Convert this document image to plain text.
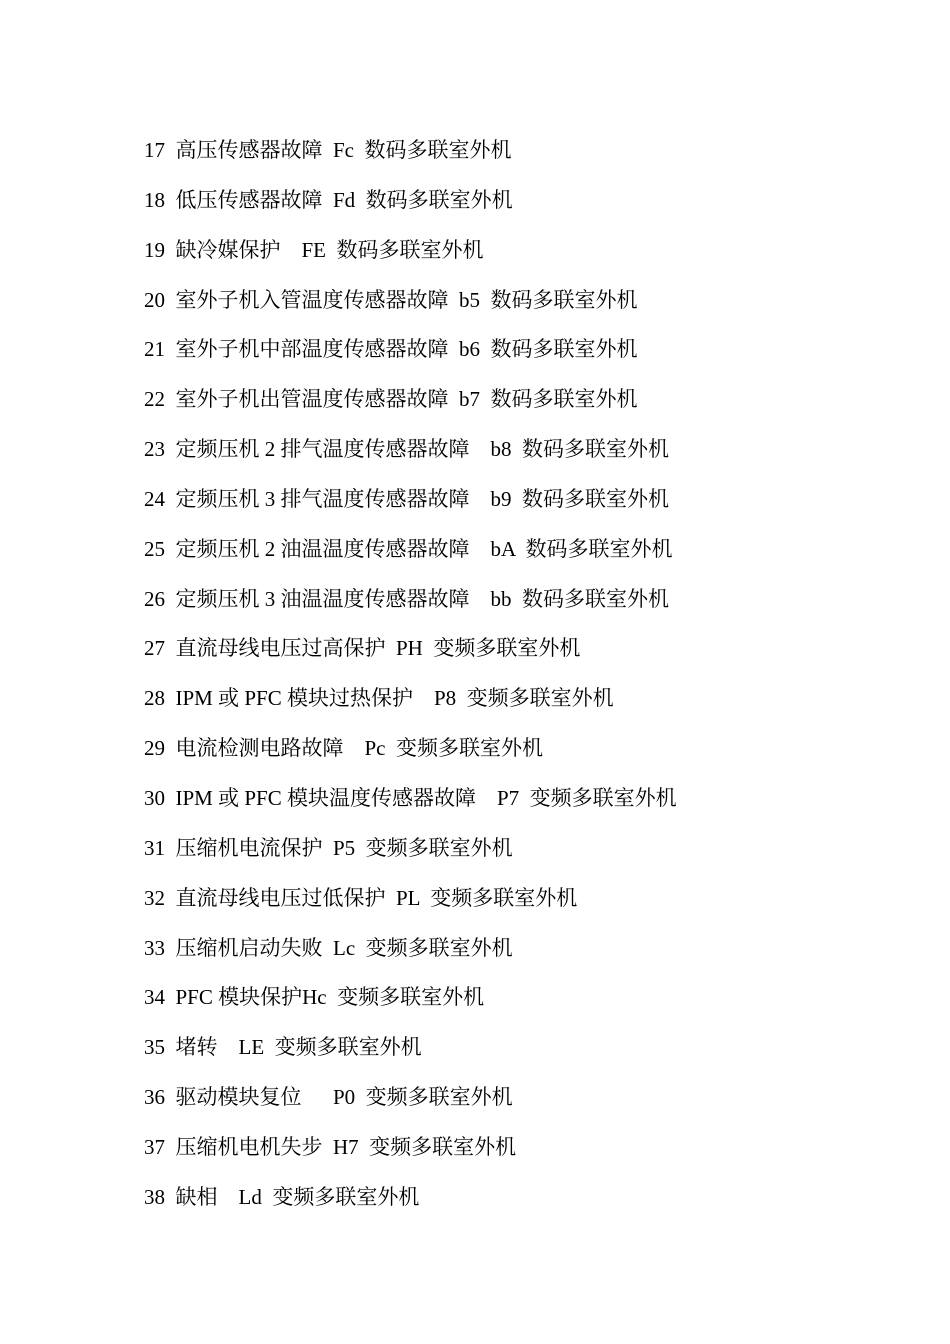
17  高压传感器故障  Fc  数码多联室外机
18  低压传感器故障  Fd  数码多联室外机
19  缺冷媒保护    FE  数码多联室外机
20  室外子机入管温度传感器故障  b5  数码多联室外机
21  室外子机中部温度传感器故障  b6  数码多联室外机
22  室外子机出管温度传感器故障  b7  数码多联室外机
23  定频压机 2 排气温度传感器故障    b8  数码多联室外机
24  定频压机 3 排气温度传感器故障    b9  数码多联室外机
25  定频压机 2 油温温度传感器故障    bA  数码多联室外机
26  定频压机 3 油温温度传感器故障    bb  数码多联室外机
27  直流母线电压过高保护  PH  变频多联室外机
28  IPM 或 PFC 模块过热保护    P8  变频多联室外机
29  电流检测电路故障    Pc  变频多联室外机
30  IPM 或 PFC 模块温度传感器故障    P7  变频多联室外机
31  压缩机电流保护  P5  变频多联室外机
32  直流母线电压过低保护  PL  变频多联室外机
33  压缩机启动失败  Lc  变频多联室外机
34  PFC 模块保护Hc  变频多联室外机
35  堵转    LE  变频多联室外机
36  驱动模块复位      P0  变频多联室外机
37  压缩机电机失步  H7  变频多联室外机
38  缺相    Ld  变频多联室外机
